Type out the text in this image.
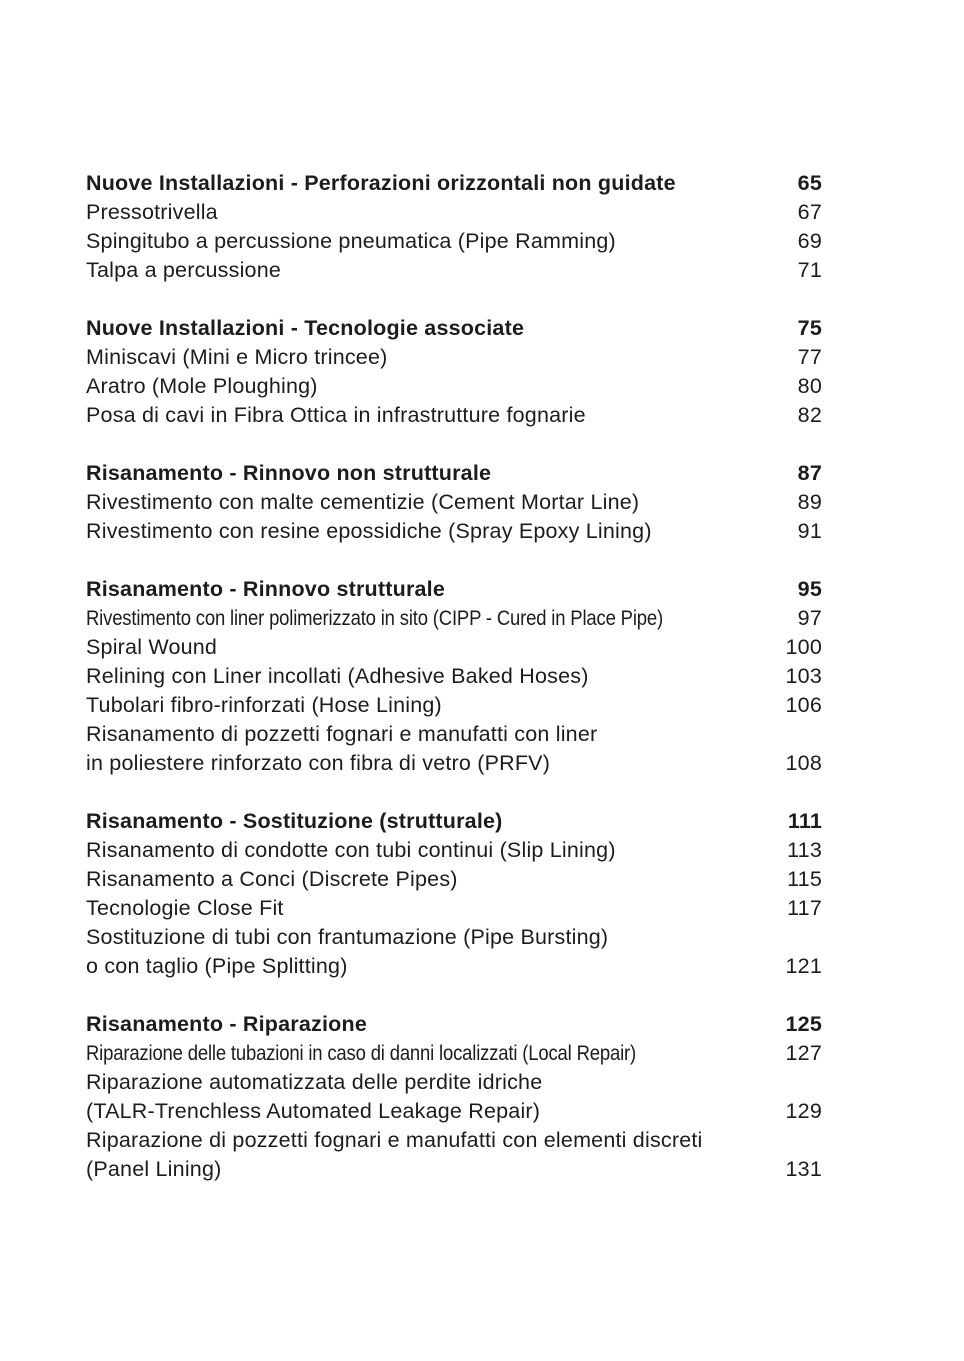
Nuove Installazioni - Perforazioni orizzontali non guidate	65
Pressotrivella	67
Spingitubo a percussione pneumatica (Pipe Ramming)	69
Talpa a percussione	71
Nuove Installazioni - Tecnologie associate	75
Miniscavi (Mini e Micro trincee)	77
Aratro (Mole Ploughing)	80
Posa di cavi in Fibra Ottica in infrastrutture fognarie	82
Risanamento - Rinnovo non strutturale	87
Rivestimento con malte cementizie (Cement Mortar Line)	89
Rivestimento con resine epossidiche (Spray Epoxy Lining)	91
Risanamento - Rinnovo strutturale	95
Rivestimento con liner polimerizzato in sito (CIPP - Cured in Place Pipe)	97
Spiral Wound	100
Relining con Liner incollati (Adhesive Baked Hoses)	103
Tubolari fibro-rinforzati (Hose Lining)	106
Risanamento di pozzetti fognari e manufatti con liner
in poliestere rinforzato con fibra di vetro (PRFV)	108
Risanamento - Sostituzione (strutturale)	111
Risanamento di condotte con tubi continui (Slip Lining)	113
Risanamento a Conci (Discrete Pipes)	115
Tecnologie Close Fit	117
Sostituzione di tubi con frantumazione (Pipe Bursting)
o con taglio (Pipe Splitting)	121
Risanamento - Riparazione	125
Riparazione delle tubazioni in caso di danni localizzati (Local Repair)	127
Riparazione automatizzata delle perdite idriche
(TALR-Trenchless Automated Leakage Repair)	129
Riparazione di pozzetti fognari e manufatti con elementi discreti
(Panel Lining)	131
